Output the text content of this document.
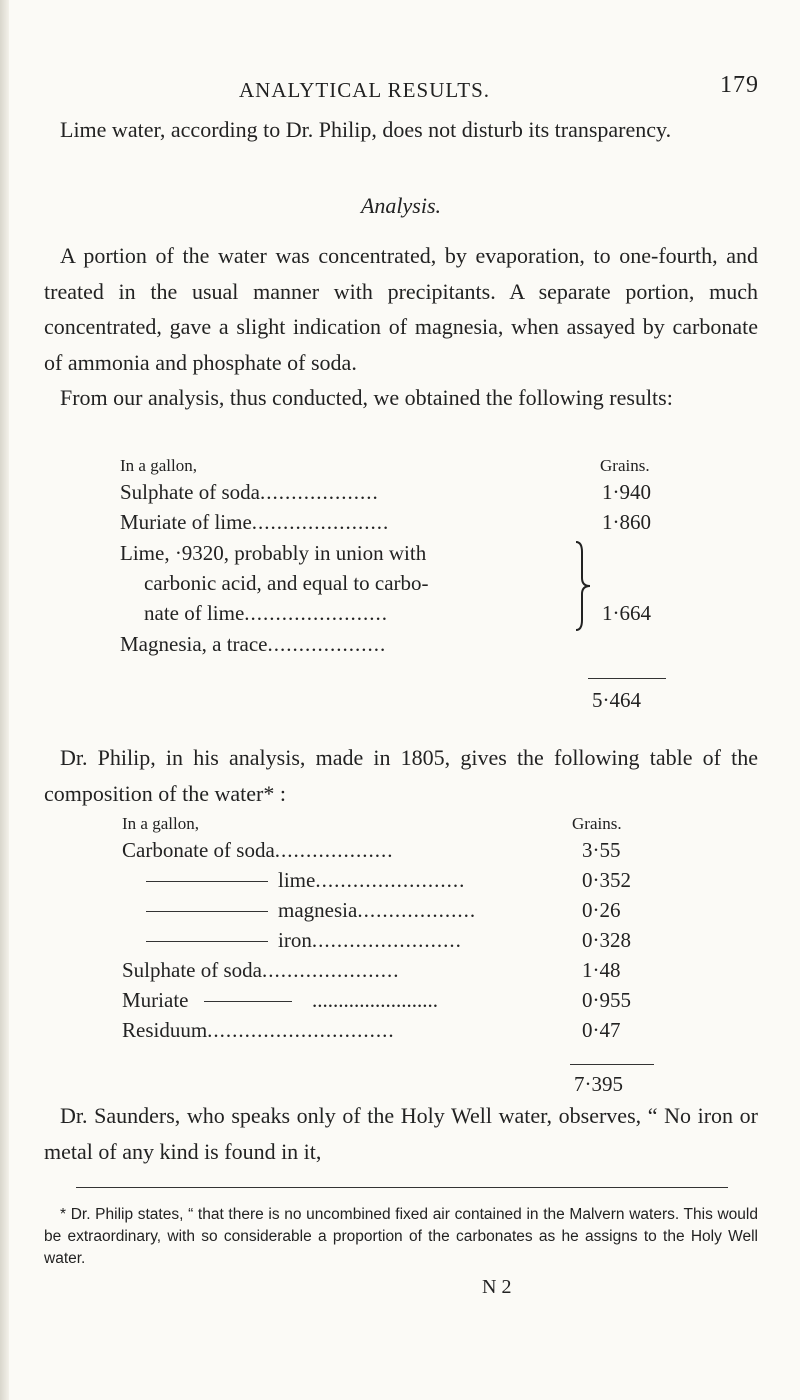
ANALYTICAL RESULTS.	179

Lime water, according to Dr. Philip, does not disturb its transparency.

Analysis.

A portion of the water was concentrated, by evaporation, to one-fourth, and treated in the usual manner with precipitants. A separate portion, much concentrated, gave a slight indication of magnesia, when assayed by carbonate of ammonia and phosphate of soda.

From our analysis, thus conducted, we obtained the following results:

In a gallon,	Grains.
Sulphate of soda...................	1·940
Muriate of lime......................	1·860
Lime, ·9320, probably in union with
carbonic acid, and equal to carbo-
nate of lime.......................	1·664
Magnesia, a trace...................
5·464

Dr. Philip, in his analysis, made in 1805, gives the following table of the composition of the water* :

In a gallon,	Grains.
Carbonate of soda...................	3·55
lime........................	0·352
magnesia...................	0·26
iron........................	0·328
Sulphate of soda......................	1·48
Muriate	........................	0·955
Residuum..............................	0·47
7·395

Dr. Saunders, who speaks only of the Holy Well water, observes, “ No iron or metal of any kind is found in it,

* Dr. Philip states, “ that there is no uncombined fixed air contained in the Malvern waters. This would be extraordinary, with so considerable a proportion of the carbonates as he assigns to the Holy Well water.

N 2
